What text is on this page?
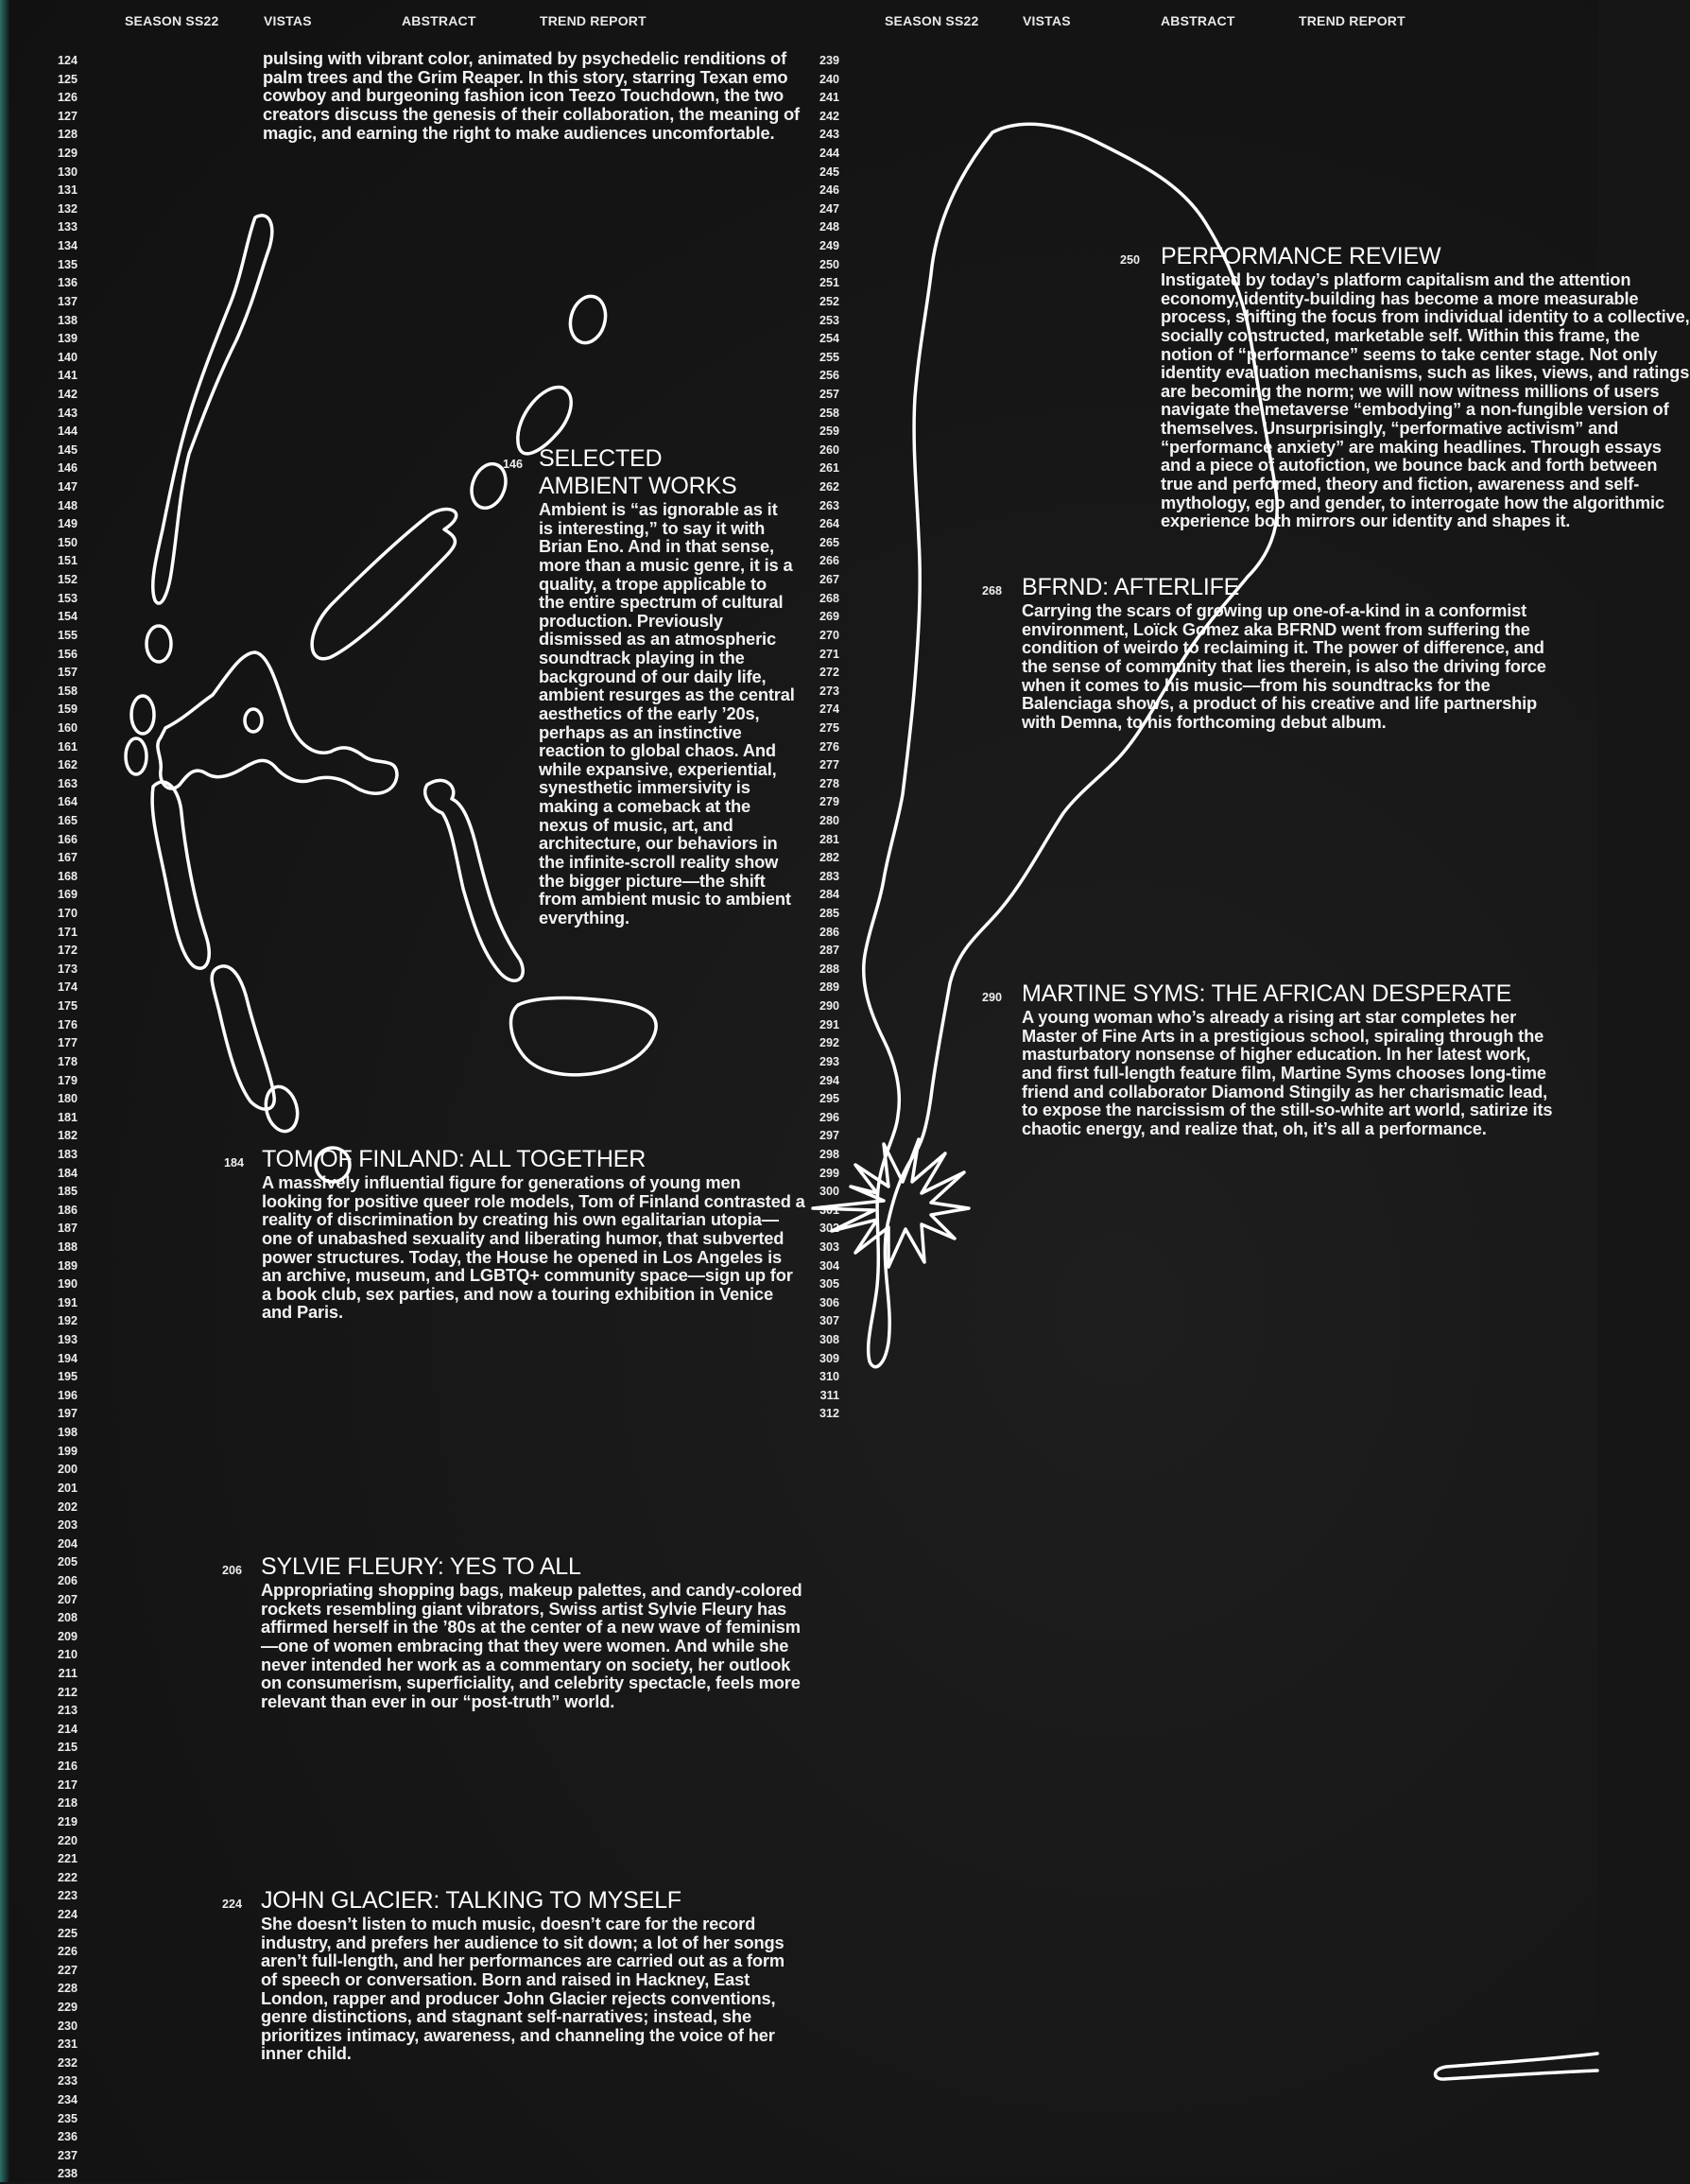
SEASON SS22	VISTAS	ABSTRACT	TREND REPORT	SEASON SS22	VISTAS	ABSTRACT	TREND REPORT
124
125
126
127
128
129
130
131
132
133
134
135
136
137
138
139
140
141
142
143
144
145
146
147
148
149
150
151
152
153
154
155
156
157
158
159
160
161
162
163
164
165
166
167
168
169
170
171
172
173
174
175
176
177
178
179
180
181
182
183
184
185
186
187
188
189
190
191
192
193
194
195
196
197
198
199
200
201
202
203
204
205
206
207
208
209
210
211
212
213
214
215
216
217
218
219
220
221
222
223
224
225
226
227
228
229
230
231
232
233
234
235
236
237
238
239
240
241
242
243
244
245
246
247
248
249
250
251
252
253
254
255
256
257
258
259
260
261
262
263
264
265
266
267
268
269
270
271
272
273
274
275
276
277
278
279
280
281
282
283
284
285
286
287
288
289
290
291
292
293
294
295
296
297
298
299
300
301
302
303
304
305
306
307
308
309
310
311
312

pulsing with vibrant color, animated by psychedelic renditions of palm trees and the Grim Reaper. In this story, starring Texan emo cowboy and burgeoning fashion icon Teezo Touchdown, the two creators discuss the genesis of their collaboration, the meaning of magic, and earning the right to make audiences uncomfortable.

146 SELECTED
AMBIENT WORKS

Ambient is “as ignorable as it is interesting,” to say it with Brian Eno. And in that sense, more than a music genre, it is a quality, a trope applicable to the entire spectrum of cultural production. Previously dismissed as an atmospheric soundtrack playing in the background of our daily life, ambient resurges as the central aesthetics of the early ’20s, perhaps as an instinctive reaction to global chaos. And while expansive, experiential, synesthetic immersivity is making a comeback at the nexus of music, art, and architecture, our behaviors in the infinite-scroll reality show the bigger picture—the shift from ambient music to ambient everything.

184 TOM OF FINLAND: ALL TOGETHER

A massively influential figure for generations of young men looking for positive queer role models, Tom of Finland contrasted a reality of discrimination by creating his own egalitarian utopia—one of unabashed sexuality and liberating humor, that subverted power structures. Today, the House he opened in Los Angeles is an archive, museum, and LGBTQ+ community space—sign up for a book club, sex parties, and now a touring exhibition in Venice and Paris.

206 SYLVIE FLEURY: YES TO ALL

Appropriating shopping bags, makeup palettes, and candy-colored rockets resembling giant vibrators, Swiss artist Sylvie Fleury has affirmed herself in the ’80s at the center of a new wave of feminism—one of women embracing that they were women. And while she never intended her work as a commentary on society, her outlook on consumerism, superficiality, and celebrity spectacle, feels more relevant than ever in our “post-truth” world.

224 JOHN GLACIER: TALKING TO MYSELF

She doesn’t listen to much music, doesn’t care for the record industry, and prefers her audience to sit down; a lot of her songs aren’t full-length, and her performances are carried out as a form of speech or conversation. Born and raised in Hackney, East London, rapper and producer John Glacier rejects conventions, genre distinctions, and stagnant self-narratives; instead, she prioritizes intimacy, awareness, and channeling the voice of her inner child.

250 PERFORMANCE REVIEW

Instigated by today’s platform capitalism and the attention economy, identity-building has become a more measurable process, shifting the focus from individual identity to a collective, socially constructed, marketable self. Within this frame, the notion of “performance” seems to take center stage. Not only identity evaluation mechanisms, such as likes, views, and ratings are becoming the norm; we will now witness millions of users navigate the metaverse “embodying” a non-fungible version of themselves. Unsurprisingly, “performative activism” and “performance anxiety” are making headlines. Through essays and a piece of autofiction, we bounce back and forth between true and performed, theory and fiction, awareness and self-mythology, ego and gender, to interrogate how the algorithmic experience both mirrors our identity and shapes it.

268 BFRND: AFTERLIFE

Carrying the scars of growing up one-of-a-kind in a conformist environment, Loïck Gomez aka BFRND went from suffering the condition of weirdo to reclaiming it. The power of difference, and the sense of community that lies therein, is also the driving force when it comes to his music—from his soundtracks for the Balenciaga shows, a product of his creative and life partnership with Demna, to his forthcoming debut album.

290 MARTINE SYMS: THE AFRICAN DESPERATE

A young woman who’s already a rising art star completes her Master of Fine Arts in a prestigious school, spiraling through the masturbatory nonsense of higher education. In her latest work, and first full-length feature film, Martine Syms chooses long-time friend and collaborator Diamond Stingily as her charismatic lead, to expose the narcissism of the still-so-white art world, satirize its chaotic energy, and realize that, oh, it’s all a performance.
